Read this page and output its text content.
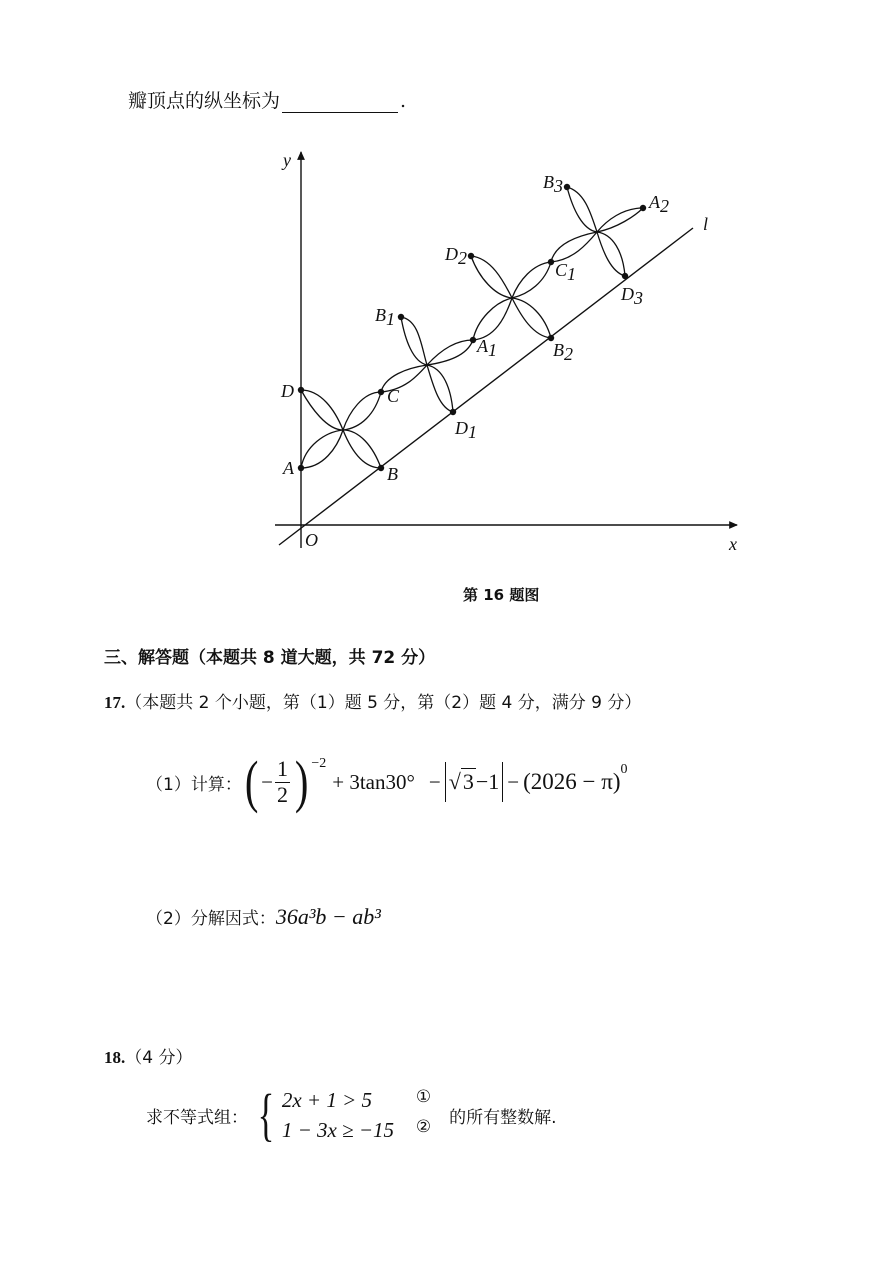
瓣顶点的纵坐标为	.
y
x
O
l
A	B
C
D
A1
B1
C1
D1
A2
B2
B3
D2
D3
第 16 题图
三、解答题（本题共 8 道大题，共 72 分）
17.（本题共 2 个小题，第（1）题 5 分，第（2）题 4 分，满分 9 分）
（1）计算： ( − $\frac{1}{2}$ ) −2
+ 3tan30° − √3−1 − (2026 − π) 0
（2）分解因式：36a³b − ab³
18.（4 分）
求不等式组： { 2x + 1 > 5	①
1 − 3x ≥ −15	② 的所有整数解.
